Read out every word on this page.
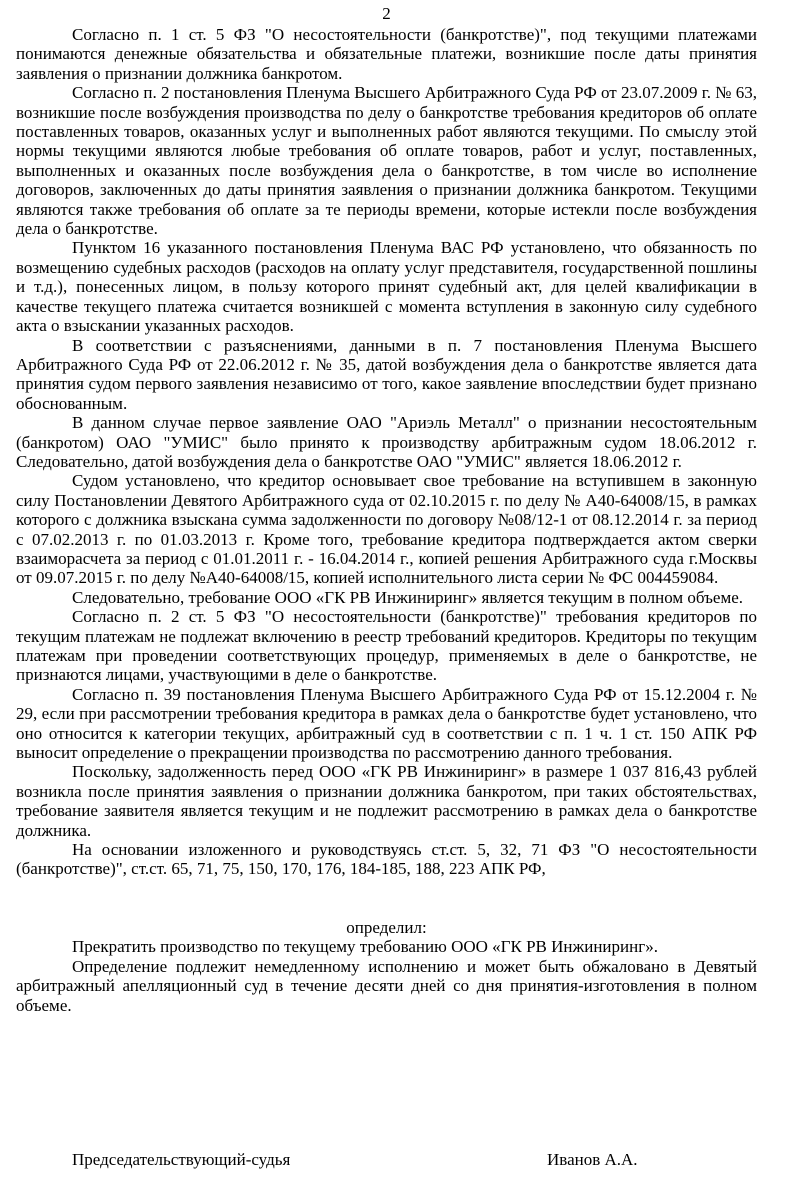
2

Согласно п. 1 ст. 5 ФЗ "О несостоятельности (банкротстве)", под текущими платежами понимаются денежные обязательства и обязательные платежи, возникшие после даты принятия заявления о признании должника банкротом.

Согласно п. 2 постановления Пленума Высшего Арбитражного Суда РФ от 23.07.2009 г. № 63, возникшие после возбуждения производства по делу о банкротстве требования кредиторов об оплате поставленных товаров, оказанных услуг и выполненных работ являются текущими. По смыслу этой нормы текущими являются любые требования об оплате товаров, работ и услуг, поставленных, выполненных и оказанных после возбуждения дела о банкротстве, в том числе во исполнение договоров, заключенных до даты принятия заявления о признании должника банкротом. Текущими являются также требования об оплате за те периоды времени, которые истекли после возбуждения дела о банкротстве.

Пунктом 16 указанного постановления Пленума ВАС РФ установлено, что обязанность по возмещению судебных расходов (расходов на оплату услуг представителя, государственной пошлины и т.д.), понесенных лицом, в пользу которого принят судебный акт, для целей квалификации в качестве текущего платежа считается возникшей с момента вступления в законную силу судебного акта о взыскании указанных расходов.

В соответствии с разъяснениями, данными в п. 7 постановления Пленума Высшего Арбитражного Суда РФ от 22.06.2012 г. № 35, датой возбуждения дела о банкротстве является дата принятия судом первого заявления независимо от того, какое заявление впоследствии будет признано обоснованным.

В данном случае первое заявление ОАО "Ариэль Металл" о признании несостоятельным (банкротом) ОАО "УМИС" было принято к производству арбитражным судом 18.06.2012 г. Следовательно, датой возбуждения дела о банкротстве ОАО "УМИС" является 18.06.2012 г.

Судом установлено, что кредитор основывает свое требование на вступившем в законную силу Постановлении Девятого Арбитражного суда от 02.10.2015 г. по делу № А40-64008/15, в рамках которого с должника взыскана сумма задолженности по договору №08/12-1 от 08.12.2014 г. за период с 07.02.2013 г. по 01.03.2013 г. Кроме того, требование кредитора подтверждается актом сверки взаиморасчета за период с 01.01.2011 г. - 16.04.2014 г., копией решения Арбитражного суда г.Москвы от 09.07.2015 г. по делу №А40-64008/15, копией исполнительного листа серии № ФС 004459084.

Следовательно, требование ООО «ГК РВ Инжиниринг» является текущим в полном объеме.

Согласно п. 2 ст. 5 ФЗ "О несостоятельности (банкротстве)" требования кредиторов по текущим платежам не подлежат включению в реестр требований кредиторов. Кредиторы по текущим платежам при проведении соответствующих процедур, применяемых в деле о банкротстве, не признаются лицами, участвующими в деле о банкротстве.

Согласно п. 39 постановления Пленума Высшего Арбитражного Суда РФ от 15.12.2004 г. № 29, если при рассмотрении требования кредитора в рамках дела о банкротстве будет установлено, что оно относится к категории текущих, арбитражный суд в соответствии с п. 1 ч. 1 ст. 150 АПК РФ выносит определение о прекращении производства по рассмотрению данного требования.

Поскольку, задолженность перед ООО «ГК РВ Инжиниринг» в размере 1 037 816,43 рублей возникла после принятия заявления о признании должника банкротом, при таких обстоятельствах, требование заявителя является текущим и не подлежит рассмотрению в рамках дела о банкротстве должника.

На основании изложенного и руководствуясь ст.ст. 5, 32, 71 ФЗ "О несостоятельности (банкротстве)", ст.ст. 65, 71, 75, 150, 170, 176, 184-185, 188, 223 АПК РФ,

определил:

Прекратить производство по текущему требованию ООО «ГК РВ Инжиниринг».

Определение подлежит немедленному исполнению и может быть обжаловано в Девятый арбитражный апелляционный суд в течение десяти дней со дня принятия-изготовления в полном объеме.

Председательствующий-судья	Иванов А.А.
